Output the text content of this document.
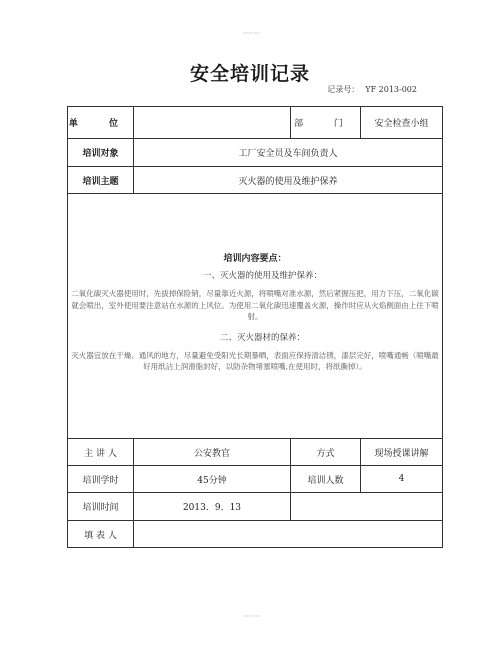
nwoi wu
安全培训记录
记录号： YF 2013-002
单 位		部 门	安全检查小组
培训对象	工厂安全员及车间负责人		
培训主题	灭火器的使用及维护保养		

培训内容要点：
一、灭火器的使用及维护保养：
二氧化碳灭火器使用时，先拔掉保险销，尽量靠近火源，将喷嘴对准水源，然后紧握压把，用力下压，二氧化碳就会喷出，室外使用要注意站在水源的上风位。为使用二氧化碳迅速覆盖火源，操作时应从火焰侧面由上往下喷射。
二、灭火器材的保养：
灭火器宜放在干燥、通风的地方，尽量避免受阳光长期暴晒，表面应保持清洁锈，漆层完好，喷嘴通畅（喷嘴最好用纸沾上润滑脂封好，以防杂物堵塞喷嘴,在使用时，将纸撕掉）。			

主 讲 人	公安教官	方式	现场授课讲解
培训学时	45分钟	培训人数	4
培训时间	2013．9．13		
填 表 人			
nwoi wu
